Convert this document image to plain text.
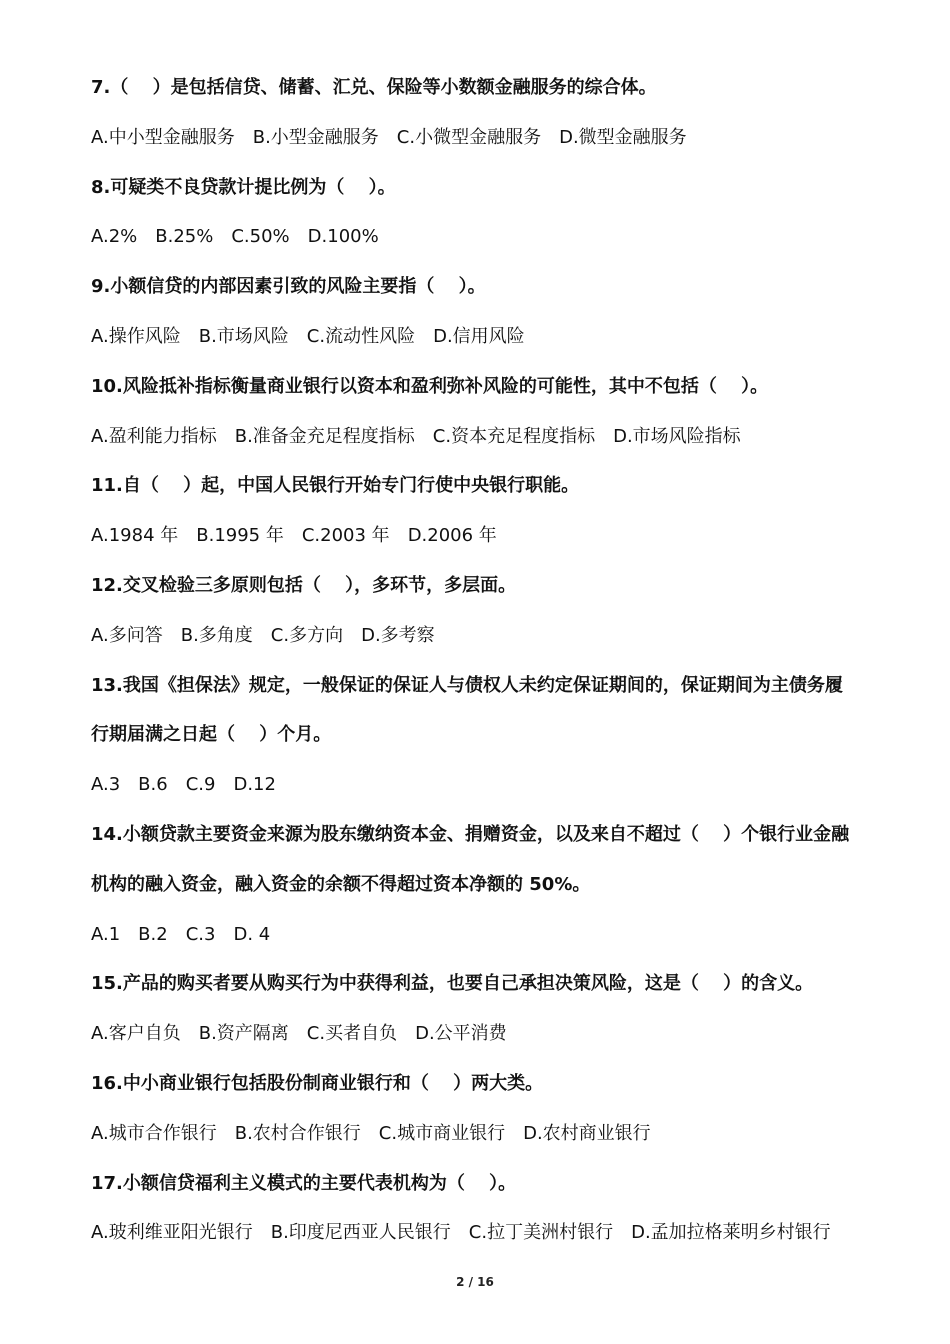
7.（　 ）是包括信贷、储蓄、汇兑、保险等小数额金融服务的综合体。
A.中小型金融服务 B.小型金融服务 C.小微型金融服务 D.微型金融服务
8.可疑类不良贷款计提比例为（　 ）。
A.2% B.25% C.50% D.100%
9.小额信贷的内部因素引致的风险主要指（　 ）。
A.操作风险 B.市场风险 C.流动性风险 D.信用风险
10.风险抵补指标衡量商业银行以资本和盈利弥补风险的可能性，其中不包括（　 ）。
A.盈利能力指标 B.准备金充足程度指标 C.资本充足程度指标 D.市场风险指标
11.自（　 ）起，中国人民银行开始专门行使中央银行职能。
A.1984 年 B.1995 年 C.2003 年 D.2006 年
12.交叉检验三多原则包括（　 ），多环节，多层面。
A.多问答 B.多角度 C.多方向 D.多考察
13.我国《担保法》规定，一般保证的保证人与债权人未约定保证期间的，保证期间为主债务履
行期届满之日起（　 ）个月。
A.3 B.6 C.9 D.12
14.小额贷款主要资金来源为股东缴纳资本金、捐赠资金，以及来自不超过（　 ）个银行业金融
机构的融入资金，融入资金的余额不得超过资本净额的 50%。
A.1 B.2 C.3 D. 4
15.产品的购买者要从购买行为中获得利益，也要自己承担决策风险，这是（　 ）的含义。
A.客户自负 B.资产隔离 C.买者自负 D.公平消费
16.中小商业银行包括股份制商业银行和（　 ）两大类。
A.城市合作银行 B.农村合作银行 C.城市商业银行 D.农村商业银行
17.小额信贷福利主义模式的主要代表机构为（　 ）。
A.玻利维亚阳光银行 B.印度尼西亚人民银行 C.拉丁美洲村银行 D.孟加拉格莱明乡村银行
2 / 16
